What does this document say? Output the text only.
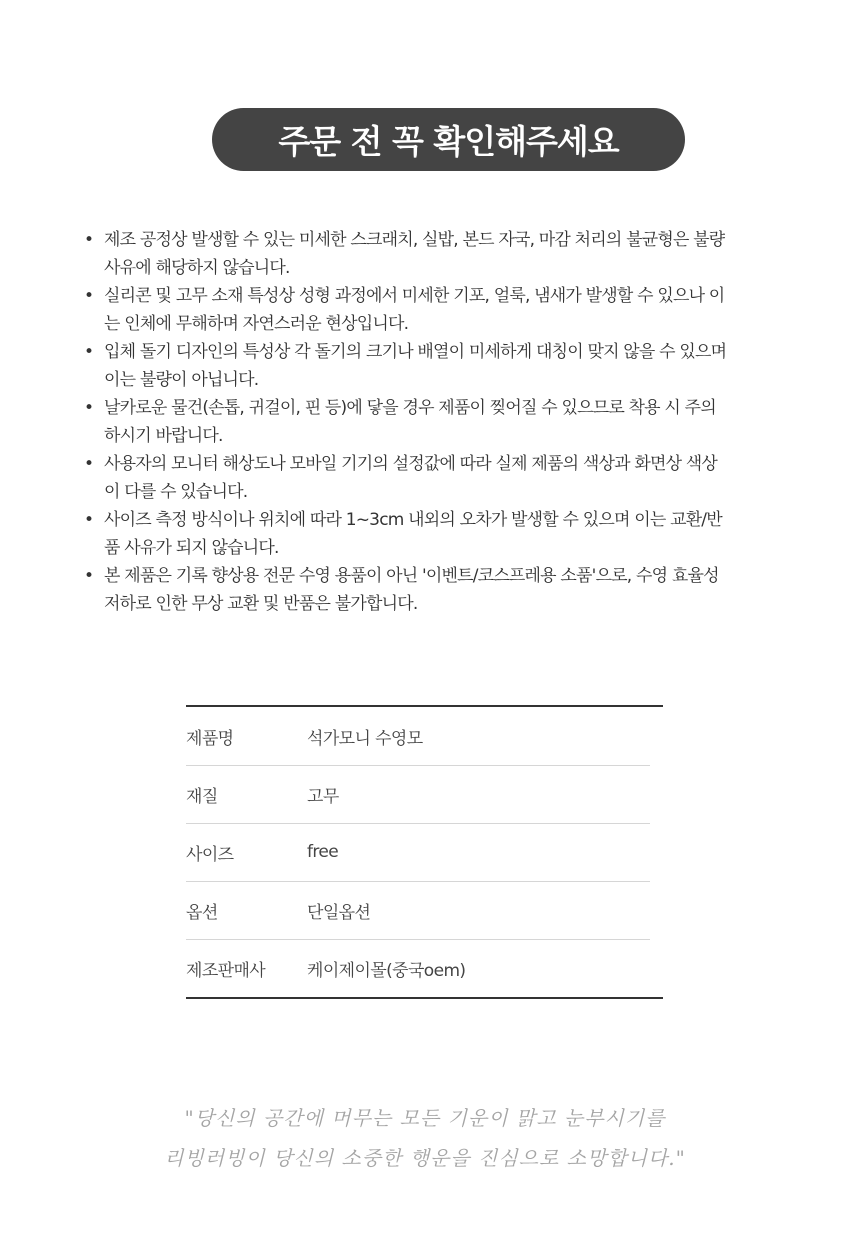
주문 전 꼭 확인해주세요
• 제조 공정상 발생할 수 있는 미세한 스크래치, 실밥, 본드 자국, 마감 처리의 불균형은 불량
사유에 해당하지 않습니다.
• 실리콘 및 고무 소재 특성상 성형 과정에서 미세한 기포, 얼룩, 냄새가 발생할 수 있으나 이
는 인체에 무해하며 자연스러운 현상입니다.
• 입체 돌기 디자인의 특성상 각 돌기의 크기나 배열이 미세하게 대칭이 맞지 않을 수 있으며
이는 불량이 아닙니다.
• 날카로운 물건(손톱, 귀걸이, 핀 등)에 닿을 경우 제품이 찢어질 수 있으므로 착용 시 주의
하시기 바랍니다.
• 사용자의 모니터 해상도나 모바일 기기의 설정값에 따라 실제 제품의 색상과 화면상 색상
이 다를 수 있습니다.
• 사이즈 측정 방식이나 위치에 따라 1~3cm 내외의 오차가 발생할 수 있으며 이는 교환/반
품 사유가 되지 않습니다.
• 본 제품은 기록 향상용 전문 수영 용품이 아닌 '이벤트/코스프레용 소품'으로, 수영 효율성
저하로 인한 무상 교환 및 반품은 불가합니다.
제품명	석가모니 수영모
재질	고무
사이즈	free
옵션	단일옵션
제조판매사	케이제이몰(중국oem)
"당신의 공간에 머무는 모든 기운이 맑고 눈부시기를
리빙러빙이 당신의 소중한 행운을 진심으로 소망합니다."
